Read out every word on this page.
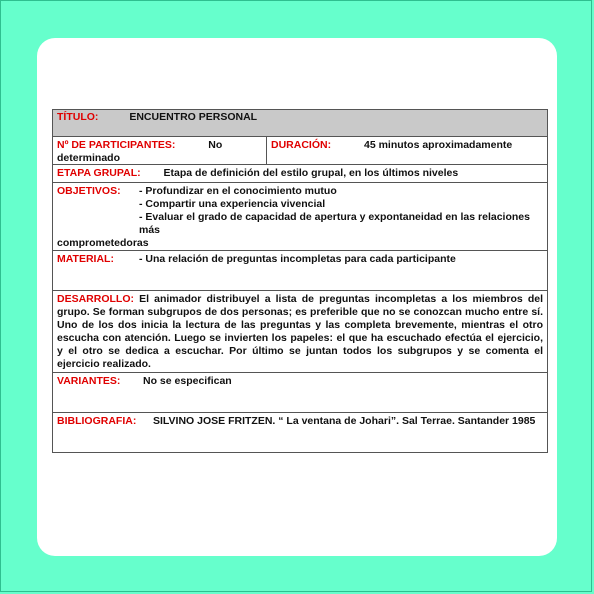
TÍTULO:	ENCUENTRO PERSONAL
Nº DE PARTICIPANTES:	No
determinado
DURACIÓN:	45 minutos aproximadamente
ETAPA GRUPAL: Etapa de definición del estilo grupal, en los últimos niveles
OBJETIVOS: - Profundizar en el conocimiento mutuo
- Compartir una experiencia vivencial
- Evaluar el grado de capacidad de apertura y expontaneidad en las relaciones más
comprometedoras
MATERIAL: - Una relación de preguntas incompletas para cada participante
DESARROLLO: El animador distribuyel a lista de preguntas incompletas a los miembros del grupo. Se forman subgrupos de dos personas; es preferible que no se conozcan mucho entre sí. Uno de los dos inicia la lectura de las preguntas y las completa brevemente, mientras el otro escucha con atención. Luego se invierten los papeles: el que ha escuchado efectúa el ejercicio, y el otro se dedica a escuchar. Por último se juntan todos los subgrupos y se comenta el ejercicio realizado.
VARIANTES: No se especifican
BIBLIOGRAFIA: SILVINO JOSE FRITZEN. “ La ventana de Johari”. Sal Terrae. Santander 1985
